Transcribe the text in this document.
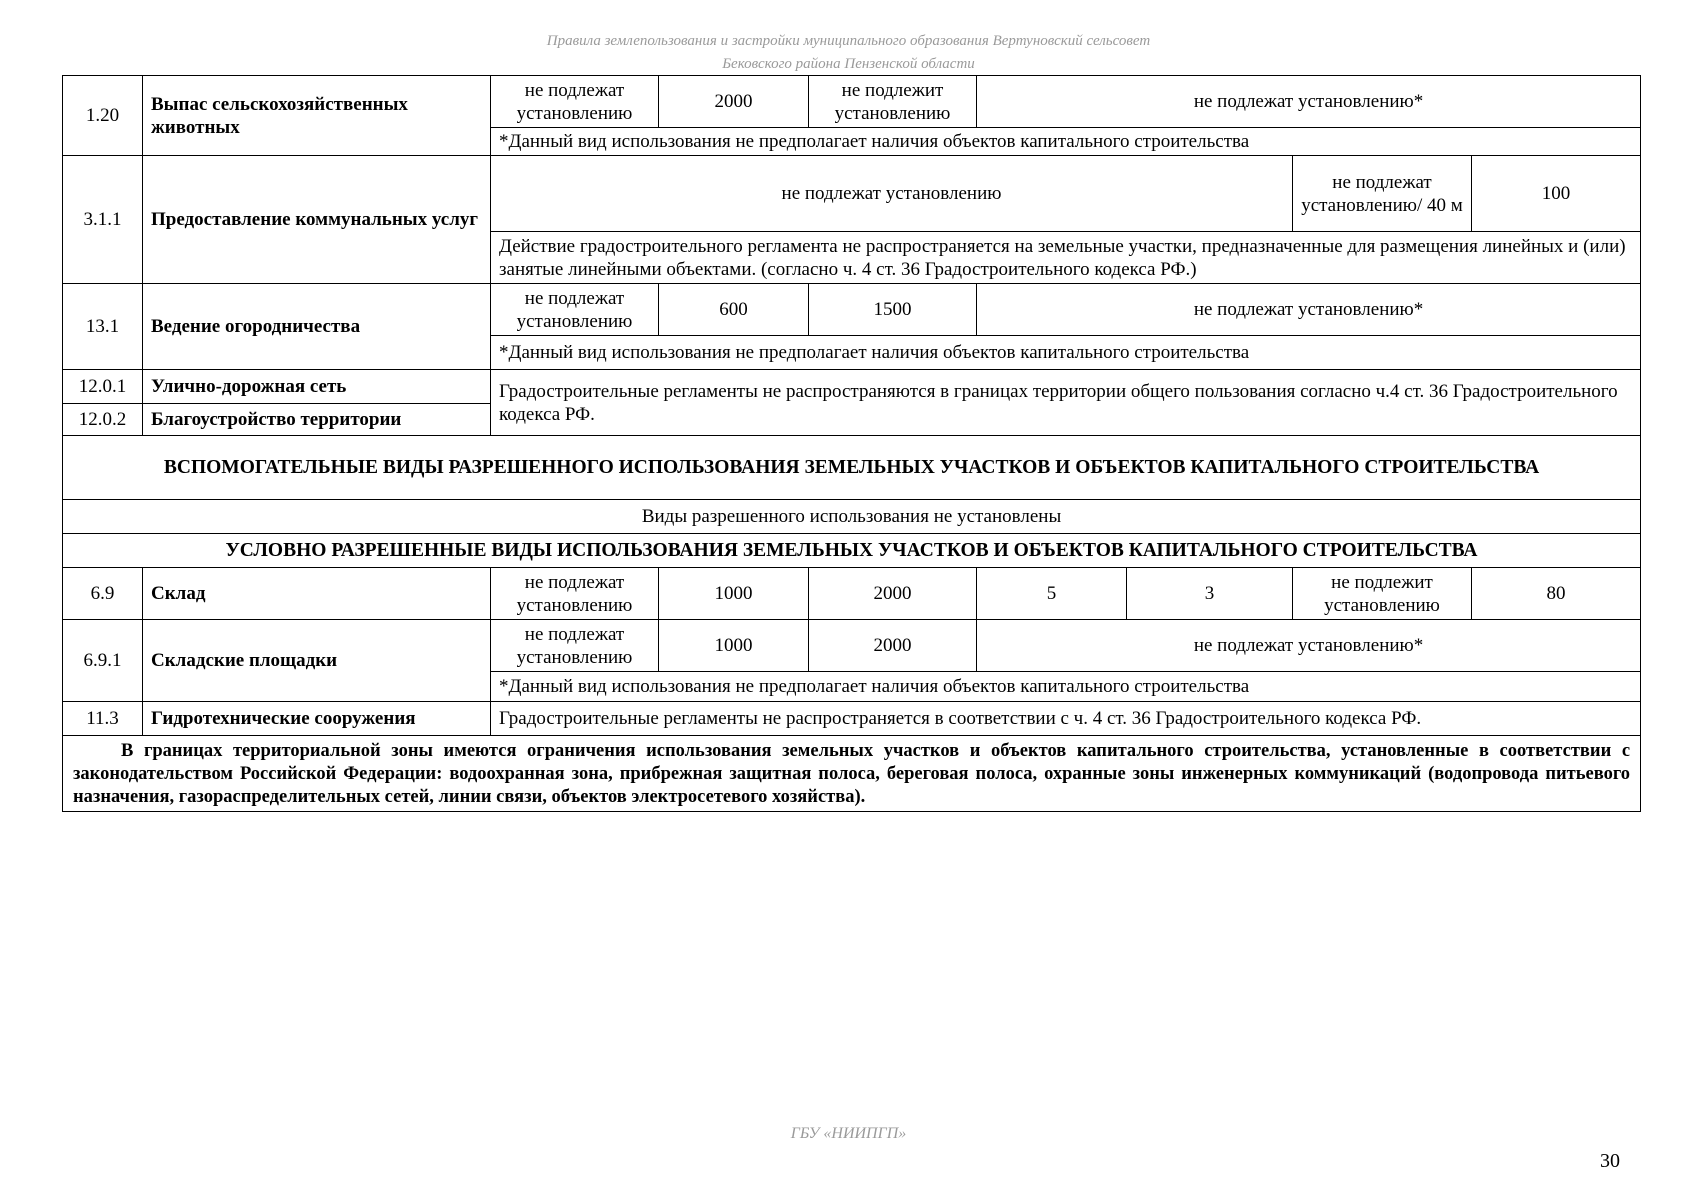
Правила землепользования и застройки муниципального образования Вертуновский сельсовет
Бековского района Пензенской области
1.20	Выпас сельскохозяйственных животных	не подлежат установлению	2000	не подлежит установлению	не подлежат установлению*			
		*Данный вид использования не предполагает наличия объектов капитального строительства						
3.1.1	Предоставление коммунальных услуг	не подлежат установлению					не подлежат установлению/ 40 м	100
		Действие градостроительного регламента не распространяется на земельные участки, предназначенные для размещения линейных и (или) занятые линейными объектами. (согласно ч. 4 ст. 36 Градостроительного кодекса РФ.)						
13.1	Ведение огородничества	не подлежат установлению	600	1500	не подлежат установлению*			
		*Данный вид использования не предполагает наличия объектов капитального строительства						
12.0.1	Улично-дорожная сеть	Градостроительные регламенты не распространяются в границах территории общего пользования согласно ч.4 ст. 36 Градостроительного кодекса РФ.						
12.0.2	Благоустройство территории							
ВСПОМОГАТЕЛЬНЫЕ ВИДЫ РАЗРЕШЕННОГО ИСПОЛЬЗОВАНИЯ ЗЕМЕЛЬНЫХ УЧАСТКОВ И ОБЪЕКТОВ КАПИТАЛЬНОГО СТРОИТЕЛЬСТВА								
Виды разрешенного использования не установлены								
УСЛОВНО РАЗРЕШЕННЫЕ ВИДЫ ИСПОЛЬЗОВАНИЯ ЗЕМЕЛЬНЫХ УЧАСТКОВ И ОБЪЕКТОВ КАПИТАЛЬНОГО СТРОИТЕЛЬСТВА								
6.9	Склад	не подлежат установлению	1000	2000	5	3	не подлежит установлению	80
6.9.1	Складские площадки	не подлежат установлению	1000	2000	не подлежат установлению*			
		*Данный вид использования не предполагает наличия объектов капитального строительства						
11.3	Гидротехнические сооружения	Градостроительные регламенты не распространяется в соответствии с ч. 4 ст. 36 Градостроительного кодекса РФ.						
В границах территориальной зоны имеются ограничения использования земельных участков и объектов капитального строительства, установленные в соответствии с законодательством Российской Федерации: водоохранная зона, прибрежная защитная полоса, береговая полоса, охранные зоны инженерных коммуникаций (водопровода питьевого назначения, газораспределительных сетей, линии связи, объектов электросетевого хозяйства).								
ГБУ «НИИПГП»
30
